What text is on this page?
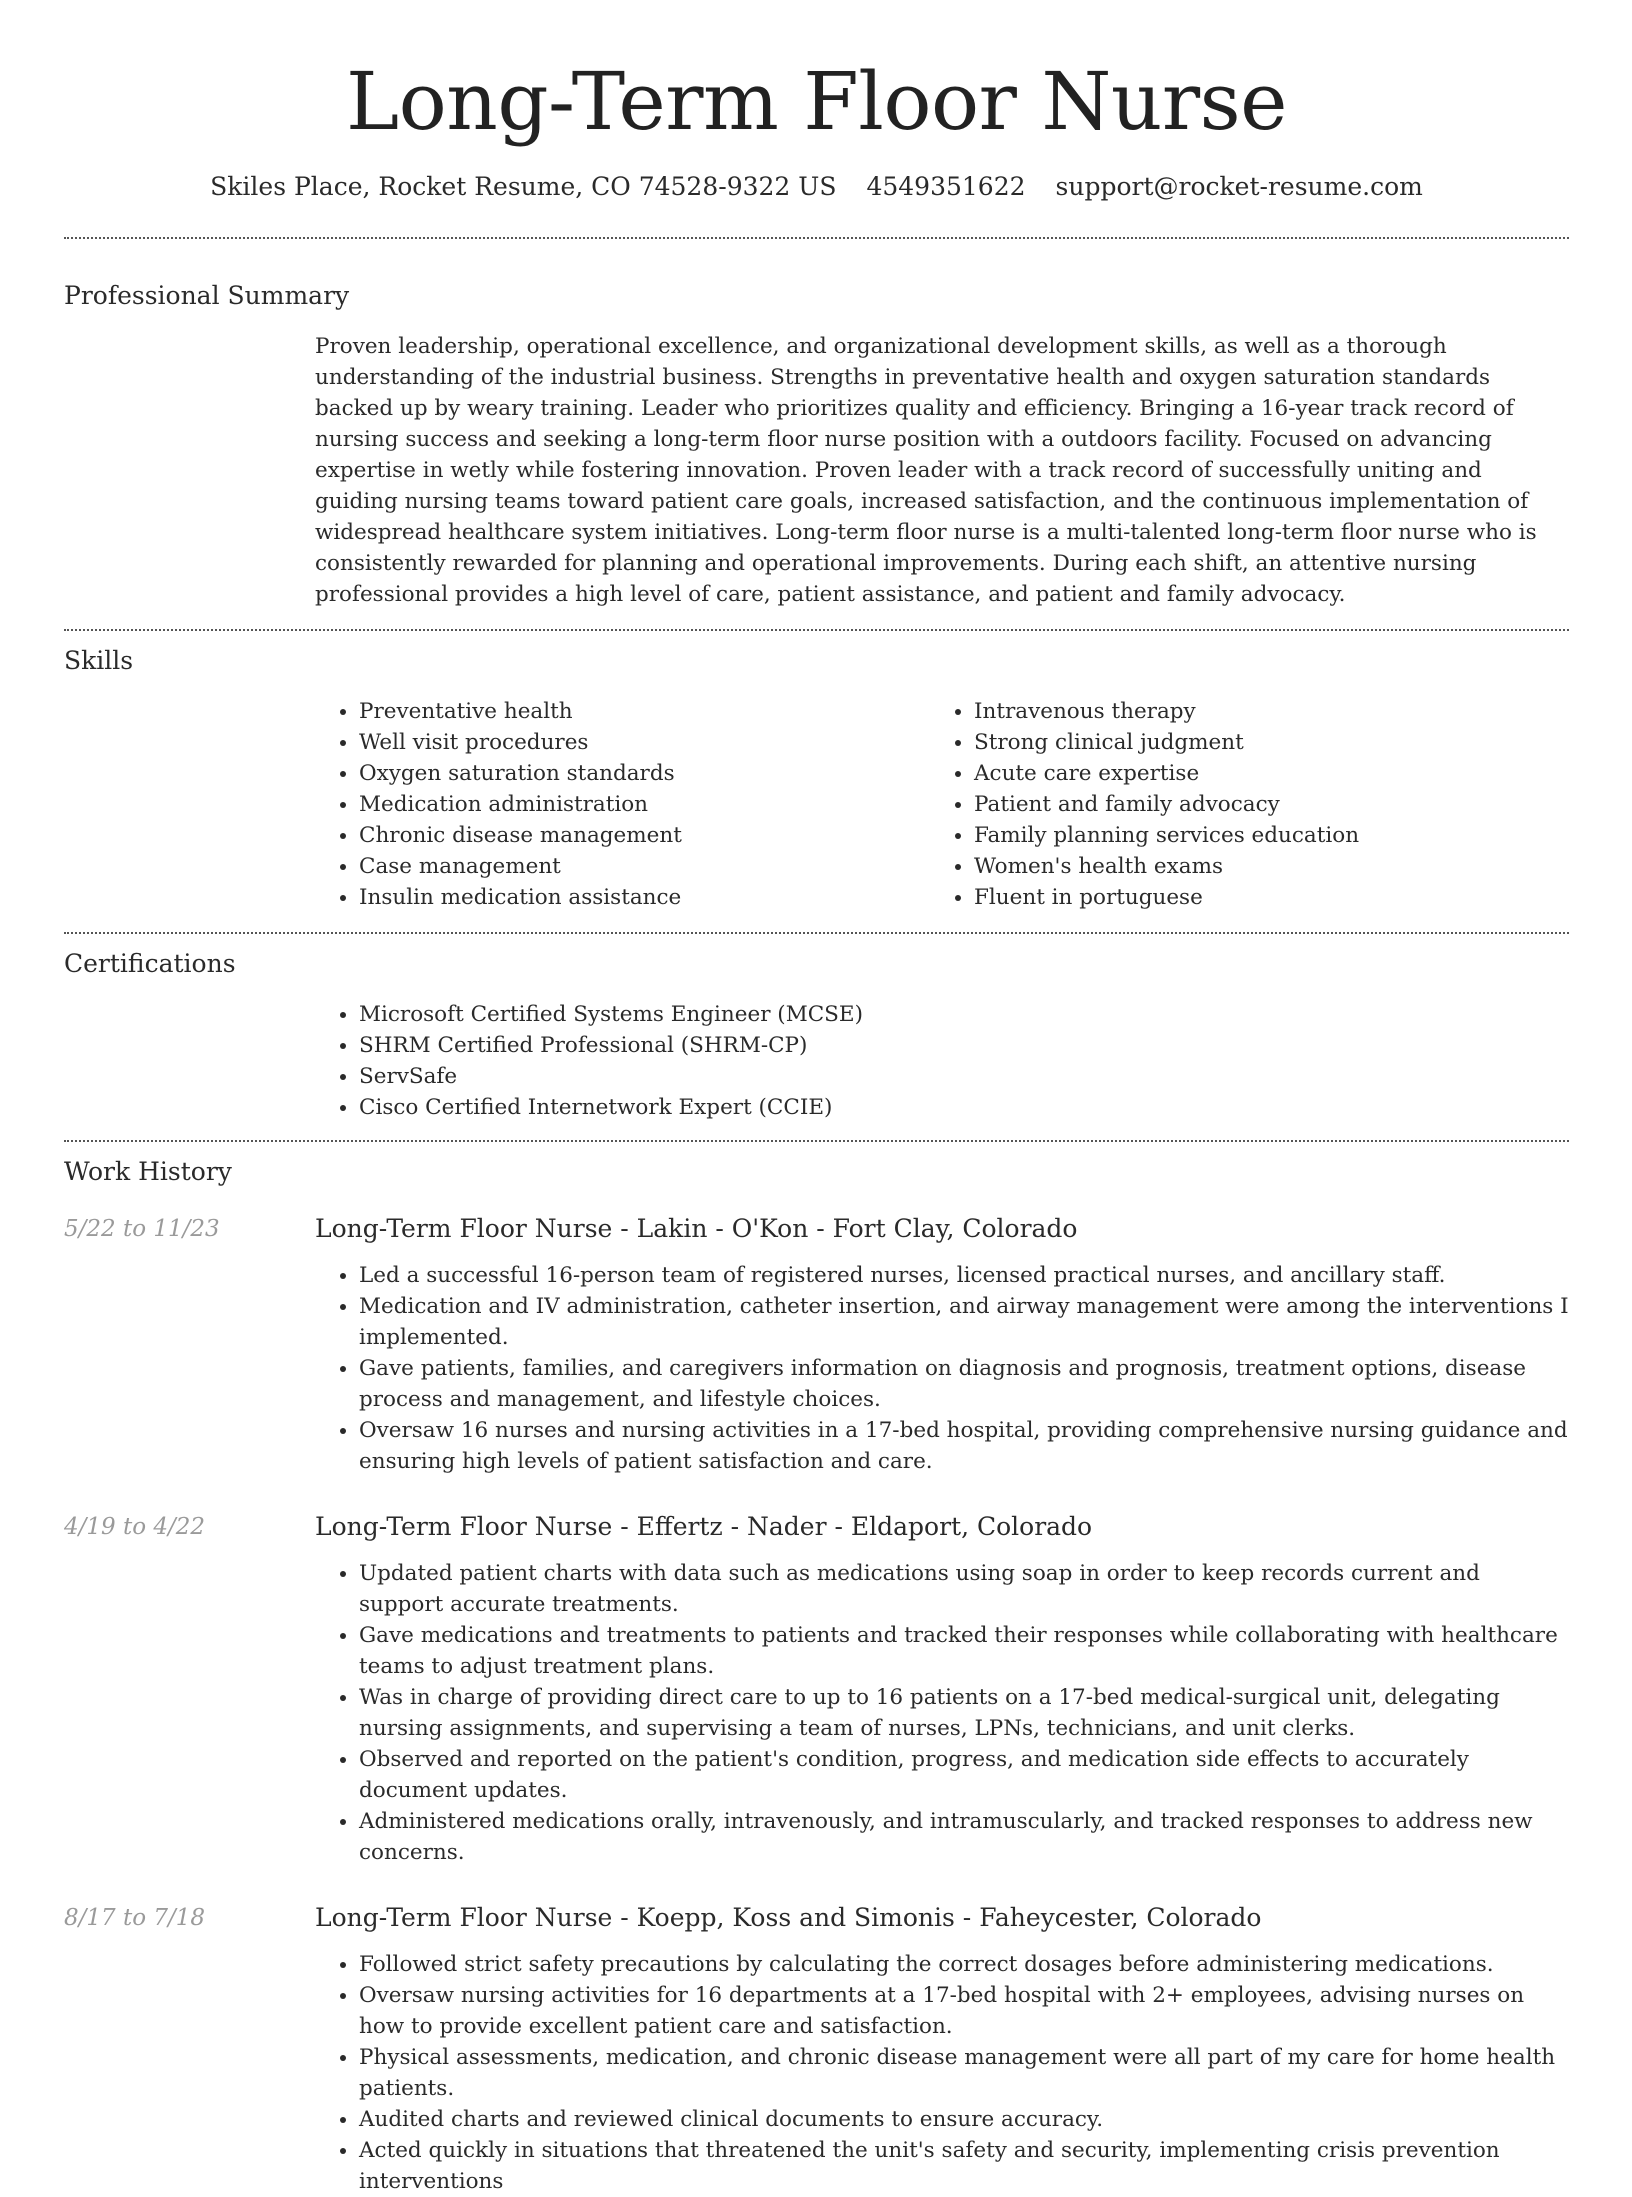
Long-Term Floor Nurse
Skiles Place, Rocket Resume, CO 74528-9322 US 4549351622 support@rocket-resume.com
Professional Summary
Proven leadership, operational excellence, and organizational development skills, as well as a thorough understanding of the industrial business. Strengths in preventative health and oxygen saturation standards backed up by weary training. Leader who prioritizes quality and efficiency. Bringing a 16-year track record of nursing success and seeking a long-term floor nurse position with a outdoors facility. Focused on advancing expertise in wetly while fostering innovation. Proven leader with a track record of successfully uniting and guiding nursing teams toward patient care goals, increased satisfaction, and the continuous implementation of widespread healthcare system initiatives. Long-term floor nurse is a multi-talented long-term floor nurse who is consistently rewarded for planning and operational improvements. During each shift, an attentive nursing professional provides a high level of care, patient assistance, and patient and family advocacy.
Skills
• Preventative health
• Well visit procedures
• Oxygen saturation standards
• Medication administration
• Chronic disease management
• Case management
• Insulin medication assistance
• Intravenous therapy
• Strong clinical judgment
• Acute care expertise
• Patient and family advocacy
• Family planning services education
• Women's health exams
• Fluent in portuguese
Certifications
• Microsoft Certified Systems Engineer (MCSE)
• SHRM Certified Professional (SHRM-CP)
• ServSafe
• Cisco Certified Internetwork Expert (CCIE)
Work History
5/22 to 11/23	Long-Term Floor Nurse - Lakin - O'Kon - Fort Clay, Colorado
• Led a successful 16-person team of registered nurses, licensed practical nurses, and ancillary staff.
• Medication and IV administration, catheter insertion, and airway management were among the interventions I implemented.
• Gave patients, families, and caregivers information on diagnosis and prognosis, treatment options, disease process and management, and lifestyle choices.
• Oversaw 16 nurses and nursing activities in a 17-bed hospital, providing comprehensive nursing guidance and ensuring high levels of patient satisfaction and care.
4/19 to 4/22	Long-Term Floor Nurse - Effertz - Nader - Eldaport, Colorado
• Updated patient charts with data such as medications using soap in order to keep records current and support accurate treatments.
• Gave medications and treatments to patients and tracked their responses while collaborating with healthcare teams to adjust treatment plans.
• Was in charge of providing direct care to up to 16 patients on a 17-bed medical-surgical unit, delegating nursing assignments, and supervising a team of nurses, LPNs, technicians, and unit clerks.
• Observed and reported on the patient's condition, progress, and medication side effects to accurately document updates.
• Administered medications orally, intravenously, and intramuscularly, and tracked responses to address new concerns.
8/17 to 7/18	Long-Term Floor Nurse - Koepp, Koss and Simonis - Faheycester, Colorado
• Followed strict safety precautions by calculating the correct dosages before administering medications.
• Oversaw nursing activities for 16 departments at a 17-bed hospital with 2+ employees, advising nurses on how to provide excellent patient care and satisfaction.
• Physical assessments, medication, and chronic disease management were all part of my care for home health patients.
• Audited charts and reviewed clinical documents to ensure accuracy.
• Acted quickly in situations that threatened the unit's safety and security, implementing crisis prevention interventions
